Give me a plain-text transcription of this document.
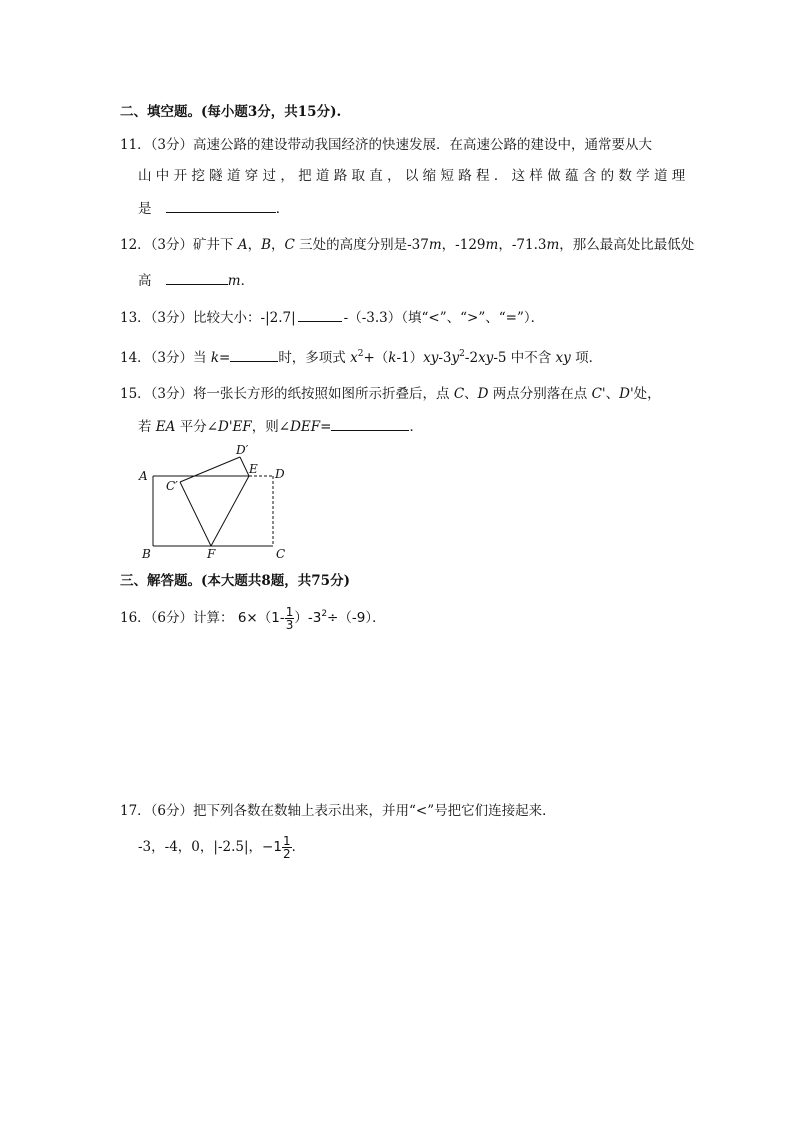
二、填空题。(每小题3分，共15分).
11．（3分）高速公路的建设带动我国经济的快速发展．在高速公路的建设中，通常要从大
山 中 开 挖 隧 道 穿 过 ， 把 道 路 取 直 ， 以 缩 短 路 程 ． 这 样 做 蕴 含 的 数 学 道 理
是	．
12．（3分）矿井下 A，B，C 三处的高度分别是-37m，-129m，-71.3m，那么最高处比最低处
高	m．
13．（3分）比较大小：-|2.7|	-（-3.3）（填“<”、“>”、“=”）．
14．（3分）当 k=	时，多项式 $x^2+(k-1)xy-3y^2-2xy-5$ 中不含 xy 项．
15．（3分）将一张长方形的纸按照如图所示折叠后，点 C、D 两点分别落在点 C'、D'处，
若 EA 平分∠D'EF，则∠DEF=	．
A
B	C
D
E
F
C′
D′
三、解答题。(本大题共8题，共75分)
16．（6分）计算： $6\times(1- \frac{1}{3} )-3^2\div(-9)$．
17．（6分）把下列各数在数轴上表示出来，并用“<”号把它们连接起来．
-3，-4，0，|-2.5|，$-1 \frac{1}{2}$ ．
